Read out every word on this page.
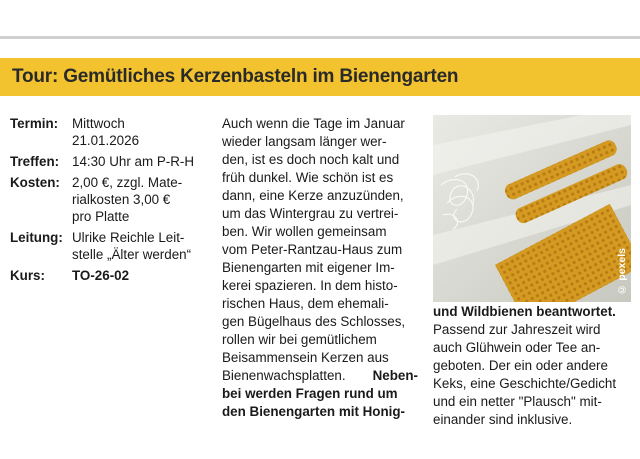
Tour: Gemütliches Kerzenbasteln im Bienengarten
Termin: Mittwoch
21.01.2026
Treffen: 14:30 Uhr am P-R-H
Kosten: 2,00 €, zzgl. Mate-
rialkosten 3,00 €
pro Platte
Leitung: Ulrike Reichle Leit-
stelle „Älter werden“
Kurs: TO-26-02
Auch wenn die Tage im Januar
wieder langsam länger wer-
den, ist es doch noch kalt und
früh dunkel. Wie schön ist es
dann, eine Kerze anzuzünden,
um das Wintergrau zu vertrei-
ben. Wir wollen gemeinsam
vom Peter-Rantzau-Haus zum
Bienengarten mit eigener Im-
kerei spazieren. In dem histo-
rischen Haus, dem ehemali-
gen Bügelhaus des Schlosses,
rollen wir bei gemütlichem
Beisammensein Kerzen aus
Bienenwachsplatten. Neben-
bei werden Fragen rund um
den Bienengarten mit Honig-
© pexels
und Wildbienen beantwortet.
Passend zur Jahreszeit wird
auch Glühwein oder Tee an-
geboten. Der ein oder andere
Keks, eine Geschichte/Gedicht
und ein netter "Plausch" mit-
einander sind inklusive.
